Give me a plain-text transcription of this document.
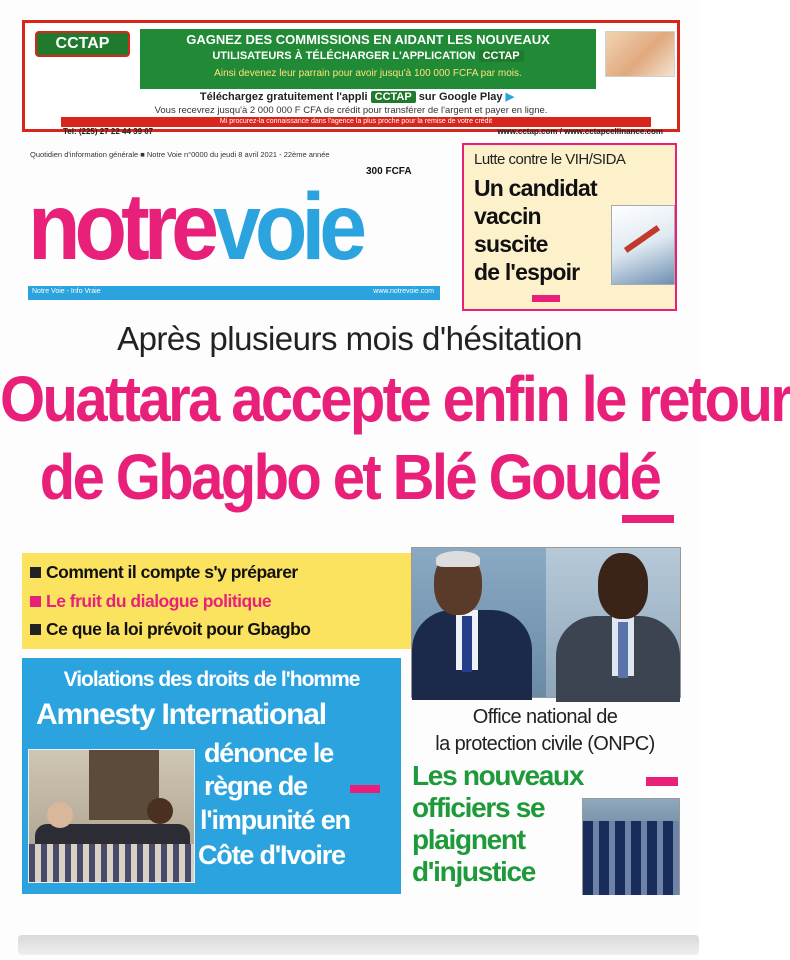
CCTAP	GAGNEZ DES COMMISSIONS EN AIDANT LES NOUVEAUX
UTILISATEURS À TÉLÉCHARGER L'APPLICATION CCTAP
Ainsi devenez leur parrain pour avoir jusqu'à 100 000 FCFA par mois.
Téléchargez gratuitement l'appli CCTAP sur Google Play ▶
Vous recevrez jusqu'à 2 000 000 F CFA de crédit pour transférer de l'argent et payer en ligne.
Mi procurez-la connaissance dans l'agence la plus proche pour la remise de votre crédit
Tel: (225) 27 22 44 39 07	www.cctap.com / www.cctapcellinance.com
Quotidien d'information générale ■ Notre Voie n°0000 du jeudi 8 avril 2021 - 22ème année
300 FCFA
notrevoie
Notre Voie - Info Vraie	www.notrevoie.com
Lutte contre le VIH/SIDA
Un candidat
vaccin
suscite
de l'espoir
Après plusieurs mois d'hésitation
Ouattara accepte enfin le retour
de Gbagbo et Blé Goudé
Comment il compte s'y préparer
Le fruit du dialogue politique
Ce que la loi prévoit pour Gbagbo
Violations des droits de l'homme
Amnesty International
dénonce le
règne de
l'impunité en
Côte d'Ivoire
Office national de
la protection civile (ONPC)
Les nouveaux
officiers se
plaignent
d'injustice
